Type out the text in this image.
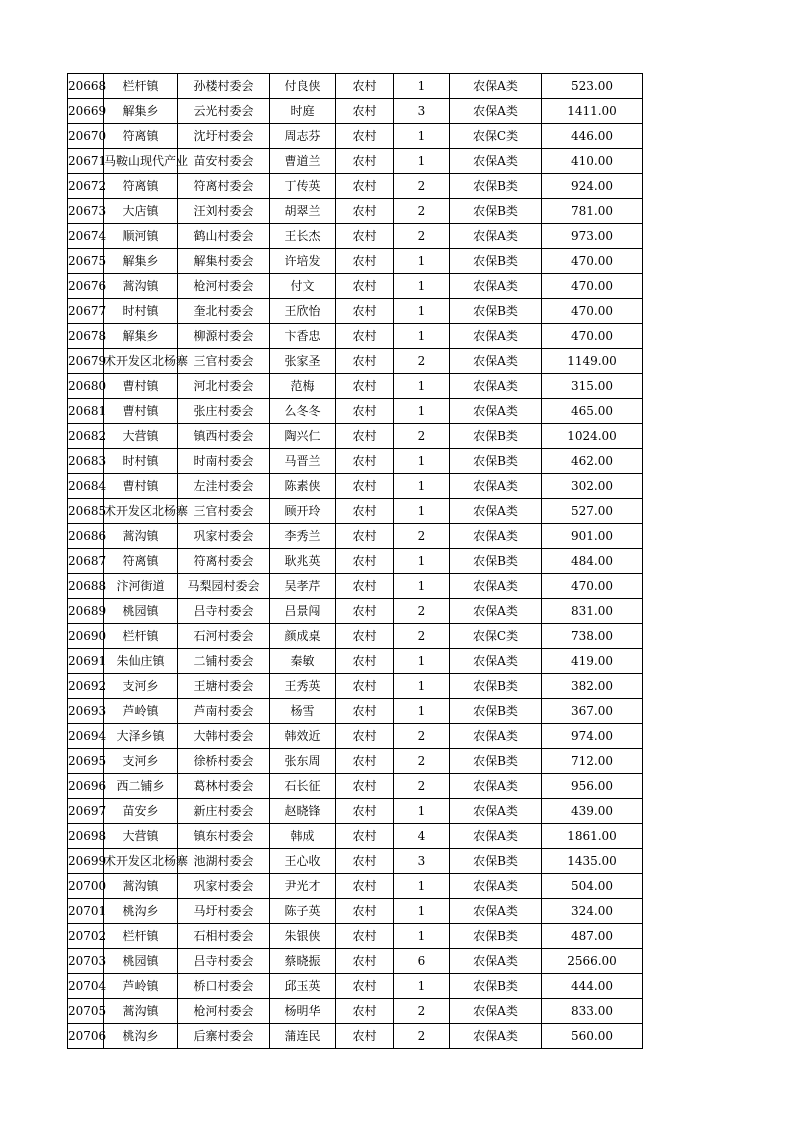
20668	栏杆镇	孙楼村委会	付良侠	农村	1	农保A类	523.00
20669	解集乡	云光村委会	时庭	农村	3	农保A类	1411.00
20670	符离镇	沈圩村委会	周志芬	农村	1	农保C类	446.00
20671	马鞍山现代产业	苗安村委会	曹道兰	农村	1	农保A类	410.00
20672	符离镇	符离村委会	丁传英	农村	2	农保B类	924.00
20673	大店镇	汪刘村委会	胡翠兰	农村	2	农保B类	781.00
20674	顺河镇	鹤山村委会	王长杰	农村	2	农保A类	973.00
20675	解集乡	解集村委会	许培发	农村	1	农保B类	470.00
20676	蒿沟镇	枪河村委会	付文	农村	1	农保A类	470.00
20677	时村镇	奎北村委会	王欣怡	农村	1	农保B类	470.00
20678	解集乡	柳源村委会	卞香忠	农村	1	农保A类	470.00
20679	术开发区北杨寨	三官村委会	张家圣	农村	2	农保A类	1149.00
20680	曹村镇	河北村委会	范梅	农村	1	农保A类	315.00
20681	曹村镇	张庄村委会	么冬冬	农村	1	农保A类	465.00
20682	大营镇	镇西村委会	陶兴仁	农村	2	农保B类	1024.00
20683	时村镇	时南村委会	马晋兰	农村	1	农保B类	462.00
20684	曹村镇	左洼村委会	陈素侠	农村	1	农保A类	302.00
20685	术开发区北杨寨	三官村委会	顾开玲	农村	1	农保A类	527.00
20686	蒿沟镇	巩家村委会	李秀兰	农村	2	农保A类	901.00
20687	符离镇	符离村委会	耿兆英	农村	1	农保B类	484.00
20688	汴河街道	马梨园村委会	吴孝芹	农村	1	农保A类	470.00
20689	桃园镇	吕寺村委会	吕景闯	农村	2	农保A类	831.00
20690	栏杆镇	石河村委会	颜成桌	农村	2	农保C类	738.00
20691	朱仙庄镇	二铺村委会	秦敏	农村	1	农保A类	419.00
20692	支河乡	王塘村委会	王秀英	农村	1	农保B类	382.00
20693	芦岭镇	芦南村委会	杨雪	农村	1	农保B类	367.00
20694	大泽乡镇	大韩村委会	韩效近	农村	2	农保A类	974.00
20695	支河乡	徐桥村委会	张东周	农村	2	农保B类	712.00
20696	西二铺乡	葛林村委会	石长征	农村	2	农保A类	956.00
20697	苗安乡	新庄村委会	赵晓锋	农村	1	农保A类	439.00
20698	大营镇	镇东村委会	韩成	农村	4	农保A类	1861.00
20699	术开发区北杨寨	池湖村委会	王心收	农村	3	农保B类	1435.00
20700	蒿沟镇	巩家村委会	尹光才	农村	1	农保A类	504.00
20701	桃沟乡	马圩村委会	陈子英	农村	1	农保A类	324.00
20702	栏杆镇	石相村委会	朱银侠	农村	1	农保B类	487.00
20703	桃园镇	吕寺村委会	蔡晓振	农村	6	农保A类	2566.00
20704	芦岭镇	桥口村委会	邱玉英	农村	1	农保B类	444.00
20705	蒿沟镇	枪河村委会	杨明华	农村	2	农保A类	833.00
20706	桃沟乡	后寨村委会	蒲连民	农村	2	农保A类	560.00
